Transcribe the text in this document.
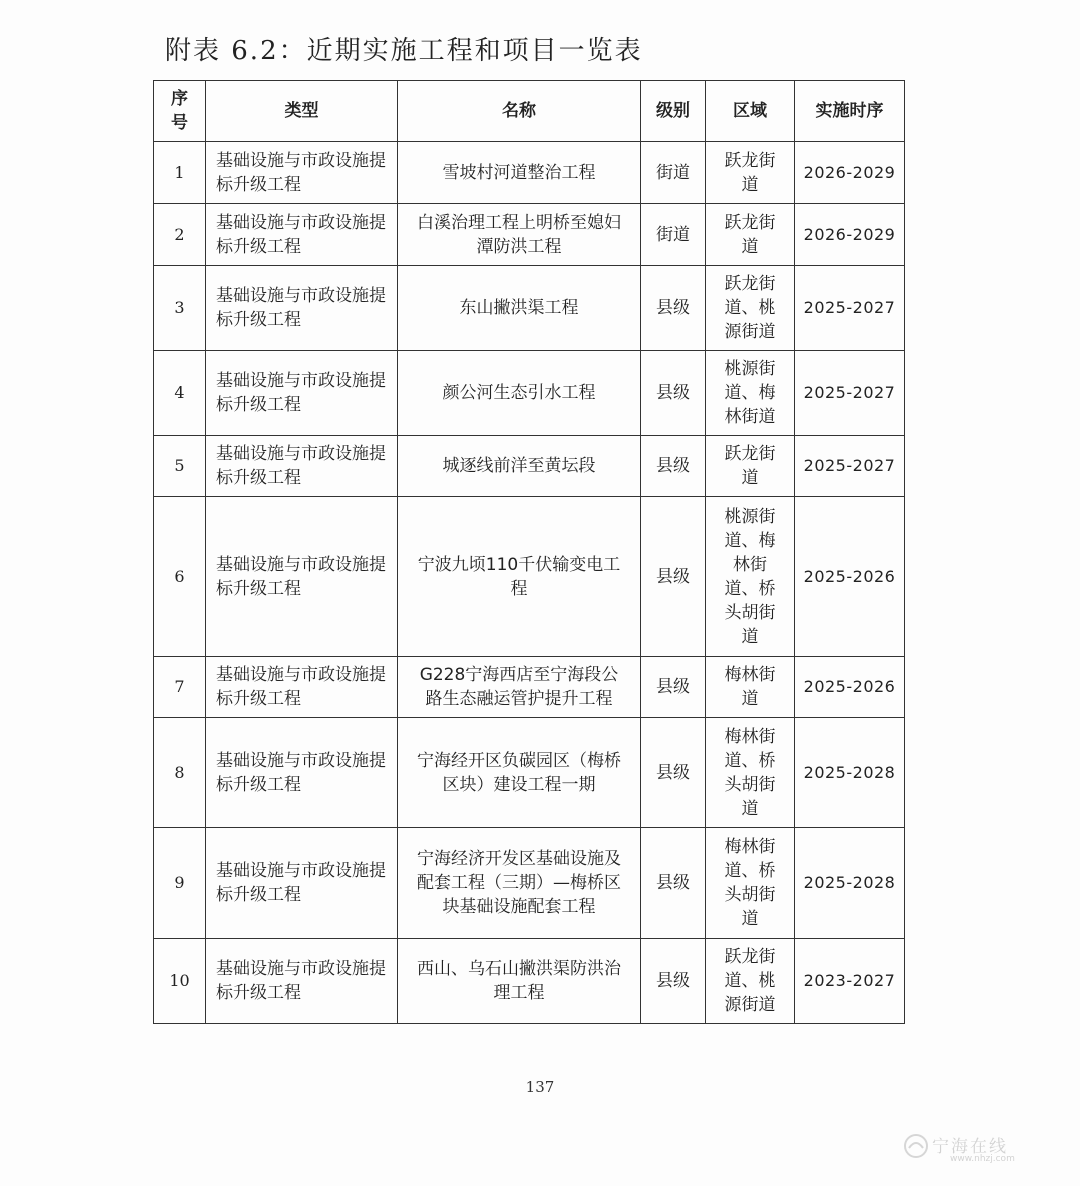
附表 6.2：近期实施工程和项目一览表
序号	类型	名称	级别	区域	实施时序
1	基础设施与市政设施提标升级工程	雪坡村河道整治工程	街道	跃龙街道	2026-2029
2	基础设施与市政设施提标升级工程	白溪治理工程上明桥至媳妇潭防洪工程	街道	跃龙街道	2026-2029
3	基础设施与市政设施提标升级工程	东山撇洪渠工程	县级	跃龙街道、桃源街道	2025-2027
4	基础设施与市政设施提标升级工程	颜公河生态引水工程	县级	桃源街道、梅林街道	2025-2027
5	基础设施与市政设施提标升级工程	城逐线前洋至黄坛段	县级	跃龙街道	2025-2027
6	基础设施与市政设施提标升级工程	宁波九顷110千伏输变电工程	县级	桃源街道、梅林街道、桥头胡街道	2025-2026
7	基础设施与市政设施提标升级工程	G228宁海西店至宁海段公路生态融运管护提升工程	县级	梅林街道	2025-2026
8	基础设施与市政设施提标升级工程	宁海经开区负碳园区（梅桥区块）建设工程一期	县级	梅林街道、桥头胡街道	2025-2028
9	基础设施与市政设施提标升级工程	宁海经济开发区基础设施及配套工程（三期）—梅桥区块基础设施配套工程	县级	梅林街道、桥头胡街道	2025-2028
10	基础设施与市政设施提标升级工程	西山、乌石山撇洪渠防洪治理工程	县级	跃龙街道、桃源街道	2023-2027
137
宁海在线
www.nhzj.com
